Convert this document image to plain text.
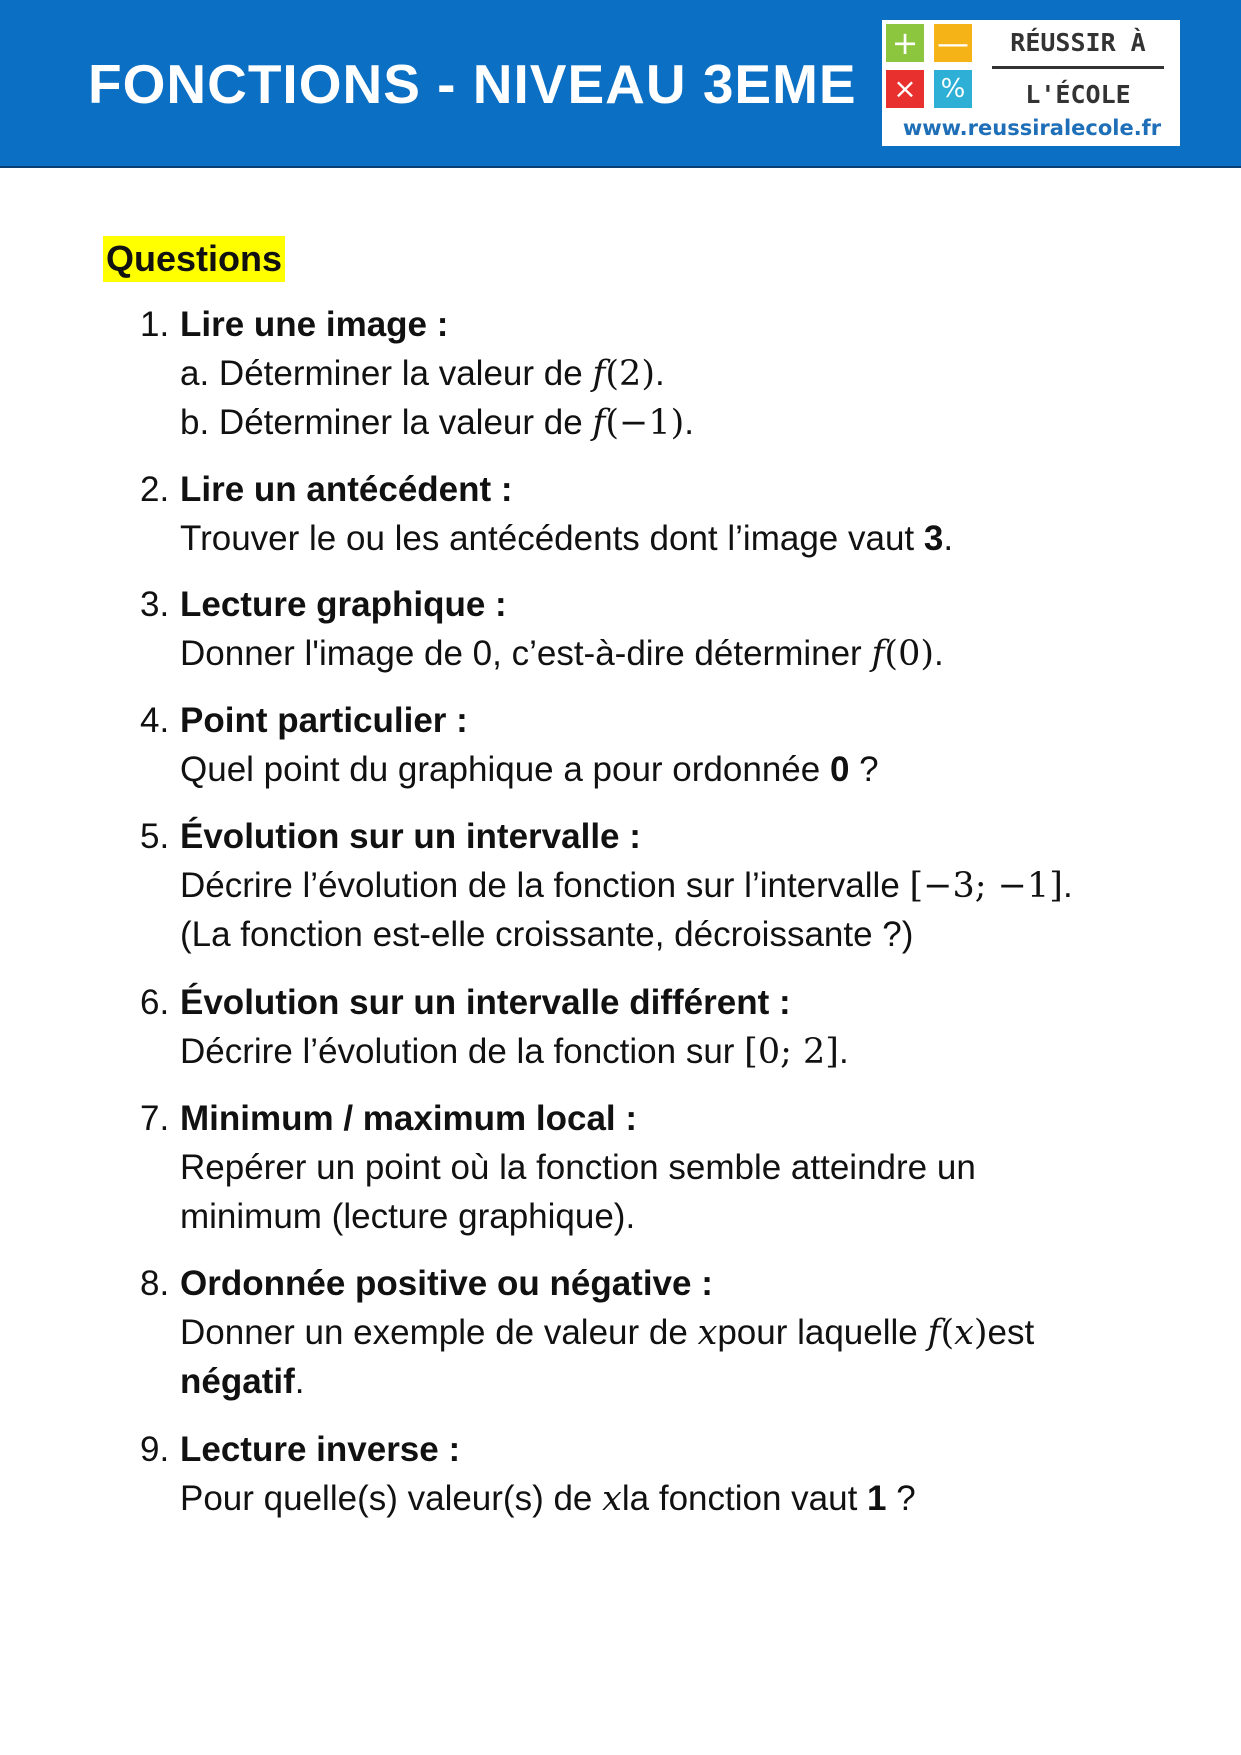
FONCTIONS - NIVEAU 3EME
+ —
× %
RÉUSSIR À
L'ÉCOLE
www.reussiralecole.fr
Questions
1. Lire une image :
a. Déterminer la valeur de f(2).
b. Déterminer la valeur de f(−1).
2. Lire un antécédent :
Trouver le ou les antécédents dont l’image vaut 3.
3. Lecture graphique :
Donner l'image de 0, c’est-à-dire déterminer f(0).
4. Point particulier :
Quel point du graphique a pour ordonnée 0 ?
5. Évolution sur un intervalle :
Décrire l’évolution de la fonction sur l’intervalle [−3; −1].
(La fonction est-elle croissante, décroissante ?)
6. Évolution sur un intervalle différent :
Décrire l’évolution de la fonction sur [0; 2].
7. Minimum / maximum local :
Repérer un point où la fonction semble atteindre un
minimum (lecture graphique).
8. Ordonnée positive ou négative :
Donner un exemple de valeur de xpour laquelle f(x)est
négatif.
9. Lecture inverse :
Pour quelle(s) valeur(s) de xla fonction vaut 1 ?
